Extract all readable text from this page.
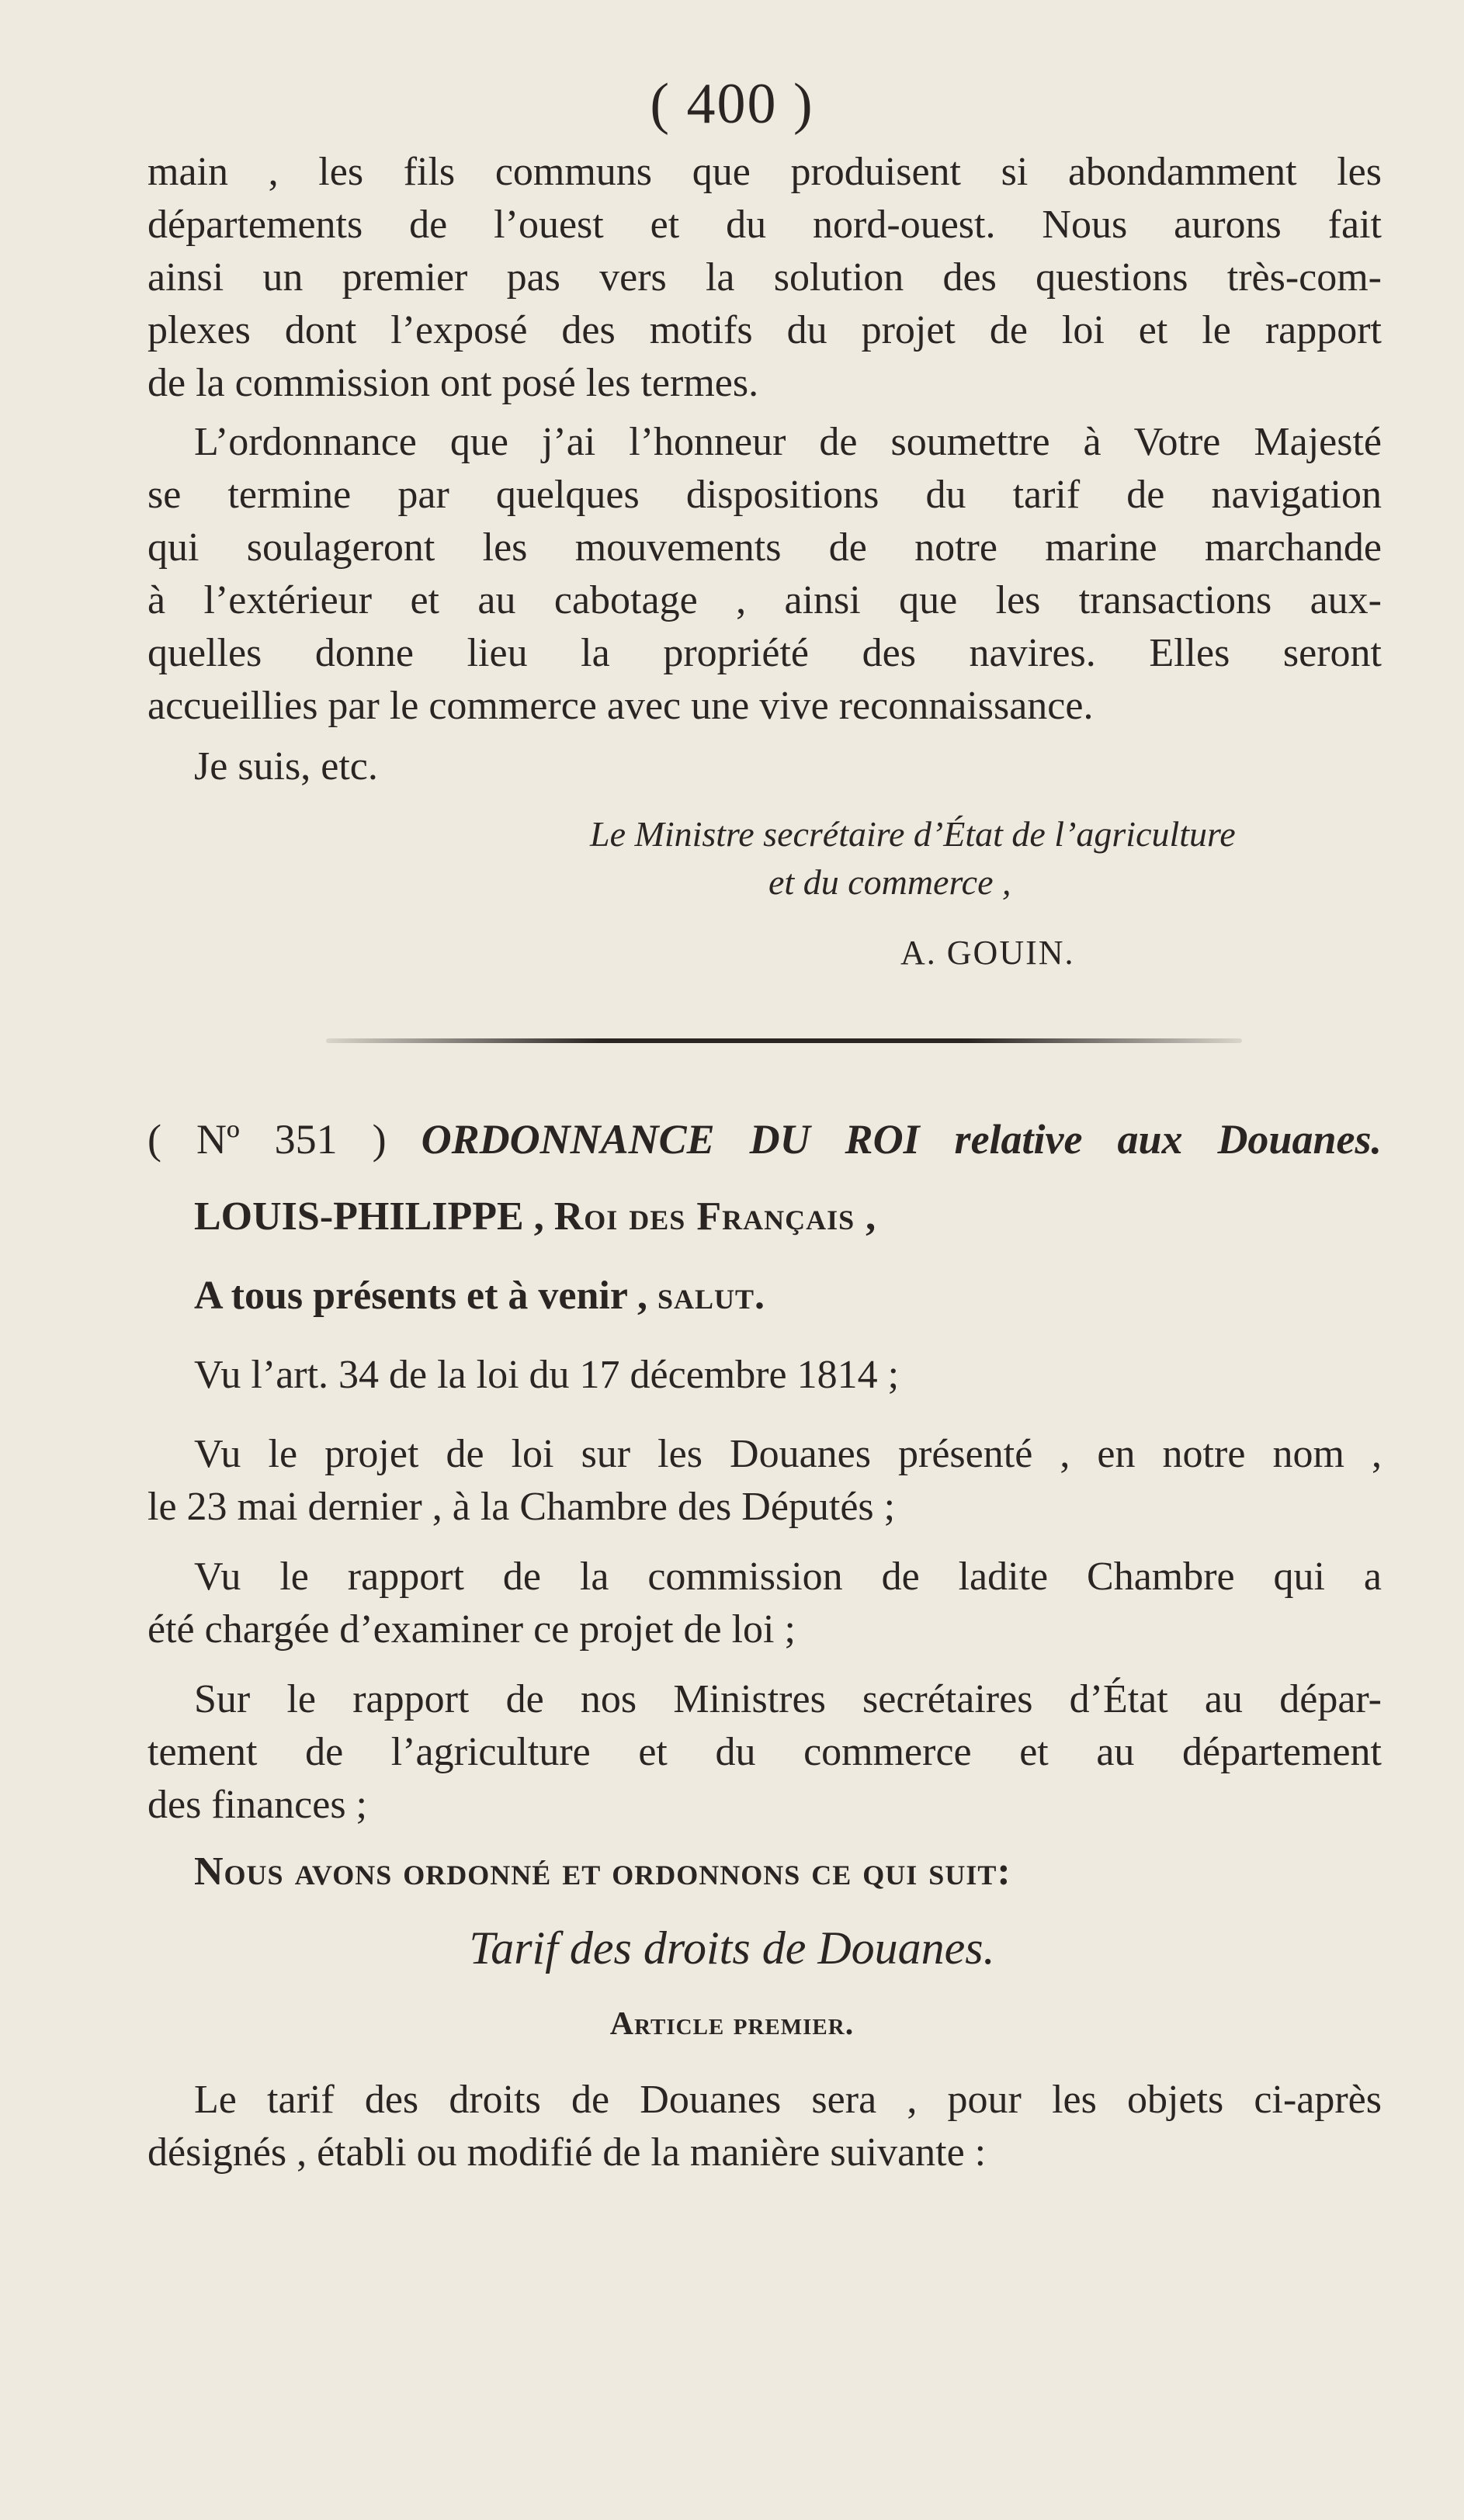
( 400 )
main , les fils communs que produisent si abondamment les
départements de l’ouest et du nord-ouest. Nous aurons fait
ainsi un premier pas vers la solution des questions très-com-
plexes dont l’exposé des motifs du projet de loi et le rapport
de la commission ont posé les termes.
L’ordonnance que j’ai l’honneur de soumettre à Votre Majesté
se termine par quelques dispositions du tarif de navigation
qui soulageront les mouvements de notre marine marchande
à l’extérieur et au cabotage , ainsi que les transactions aux-
quelles donne lieu la propriété des navires. Elles seront
accueillies par le commerce avec une vive reconnaissance.
Je suis, etc.
Le Ministre secrétaire d’État de l’agriculture
et du commerce ,
A. GOUIN.
( Nº 351 ) ORDONNANCE DU ROI relative aux Douanes.
LOUIS-PHILIPPE , Roi des Français ,
A tous présents et à venir , salut.
Vu l’art. 34 de la loi du 17 décembre 1814 ;
Vu le projet de loi sur les Douanes présenté , en notre nom ,
le 23 mai dernier , à la Chambre des Députés ;
Vu le rapport de la commission de ladite Chambre qui a
été chargée d’examiner ce projet de loi ;
Sur le rapport de nos Ministres secrétaires d’État au dépar-
tement de l’agriculture et du commerce et au département
des finances ;
Nous avons ordonné et ordonnons ce qui suit:
Tarif des droits de Douanes.
Article premier.
Le tarif des droits de Douanes sera , pour les objets ci-après
désignés , établi ou modifié de la manière suivante :
